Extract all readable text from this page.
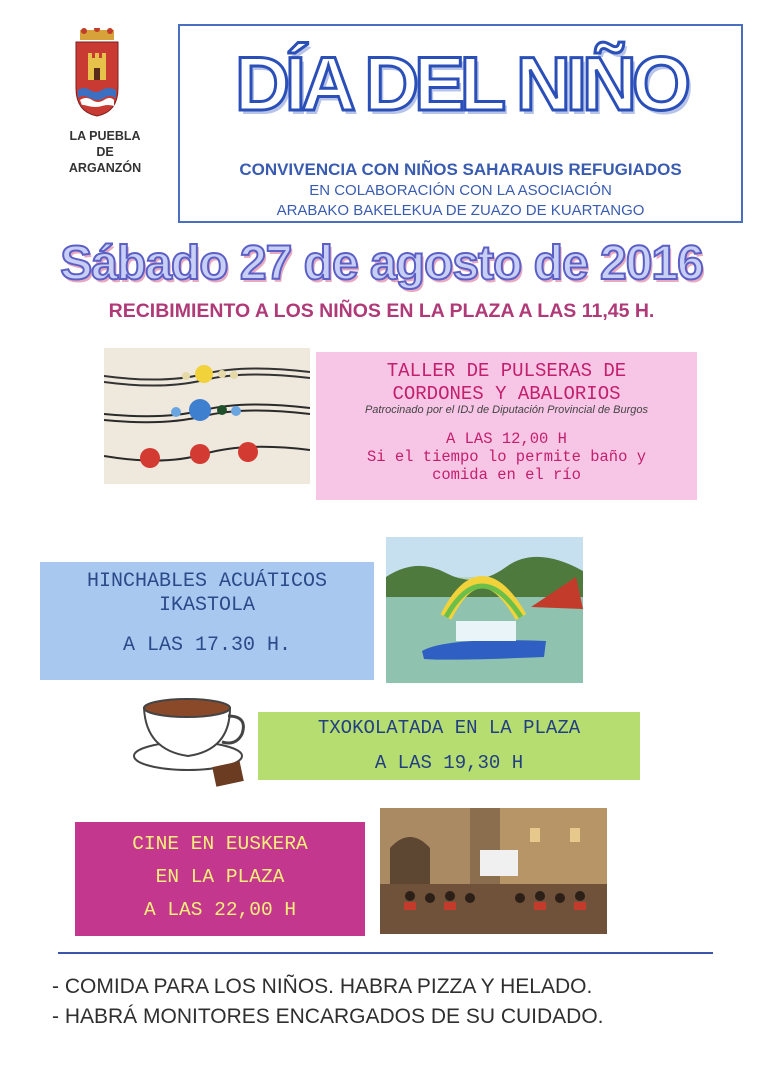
LA PUEBLA
DE
ARGANZÓN
DÍA DEL NIÑO
CONVIVENCIA CON NIÑOS SAHARAUIS REFUGIADOS
EN COLABORACIÓN CON LA ASOCIACIÓN
ARABAKO BAKELEKUA DE ZUAZO DE KUARTANGO
Sábado 27 de agosto de 2016
RECIBIMIENTO A LOS NIÑOS EN LA PLAZA A LAS 11,45 H.
TALLER DE PULSERAS DE
CORDONES Y ABALORIOS
Patrocinado por el IDJ de Diputación Provincial de Burgos
A LAS 12,00 H
Si el tiempo lo permite baño y
comida en el río
HINCHABLES ACUÁTICOS
IKASTOLA
A LAS 17.30 H.
TXOKOLATADA EN LA PLAZA
A LAS 19,30 H
CINE EN EUSKERA
EN LA PLAZA
A LAS 22,00 H
- COMIDA PARA LOS NIÑOS. HABRA PIZZA Y HELADO.
- HABRÁ MONITORES ENCARGADOS DE SU CUIDADO.
